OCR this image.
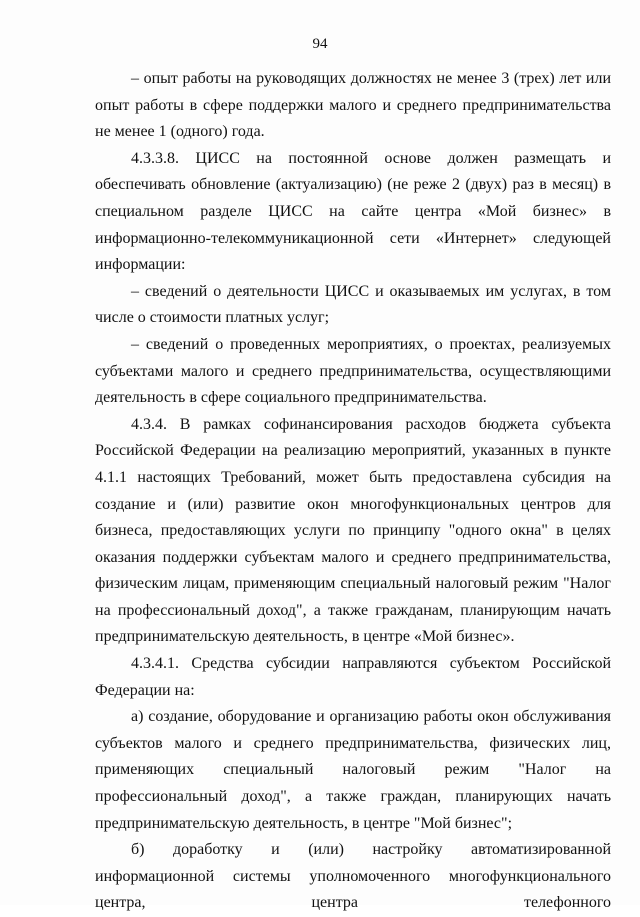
94

– опыт работы на руководящих должностях не менее 3 (трех) лет или опыт работы в сфере поддержки малого и среднего предпринимательства не менее 1 (одного) года.

4.3.3.8. ЦИСС на постоянной основе должен размещать и обеспечивать обновление (актуализацию) (не реже 2 (двух) раз в месяц) в специальном разделе ЦИСС на сайте центра «Мой бизнес» в информационно-телекоммуникационной сети «Интернет» следующей информации:

– сведений о деятельности ЦИСС и оказываемых им услугах, в том числе о стоимости платных услуг;

– сведений о проведенных мероприятиях, о проектах, реализуемых субъектами малого и среднего предпринимательства, осуществляющими деятельность в сфере социального предпринимательства.

4.3.4. В рамках софинансирования расходов бюджета субъекта Российской Федерации на реализацию мероприятий, указанных в пункте 4.1.1 настоящих Требований, может быть предоставлена субсидия на создание и (или) развитие окон многофункциональных центров для бизнеса, предоставляющих услуги по принципу "одного окна" в целях оказания поддержки субъектам малого и среднего предпринимательства, физическим лицам, применяющим специальный налоговый режим "Налог на профессиональный доход", а также гражданам, планирующим начать предпринимательскую деятельность, в центре «Мой бизнес».

4.3.4.1. Средства субсидии направляются субъектом Российской Федерации на:

а) создание, оборудование и организацию работы окон обслуживания субъектов малого и среднего предпринимательства, физических лиц, применяющих специальный налоговый режим "Налог на профессиональный доход", а также граждан, планирующих начать предпринимательскую деятельность, в центре "Мой бизнес";

б) доработку и (или) настройку автоматизированной информационной системы уполномоченного многофункционального центра, центра телефонного
